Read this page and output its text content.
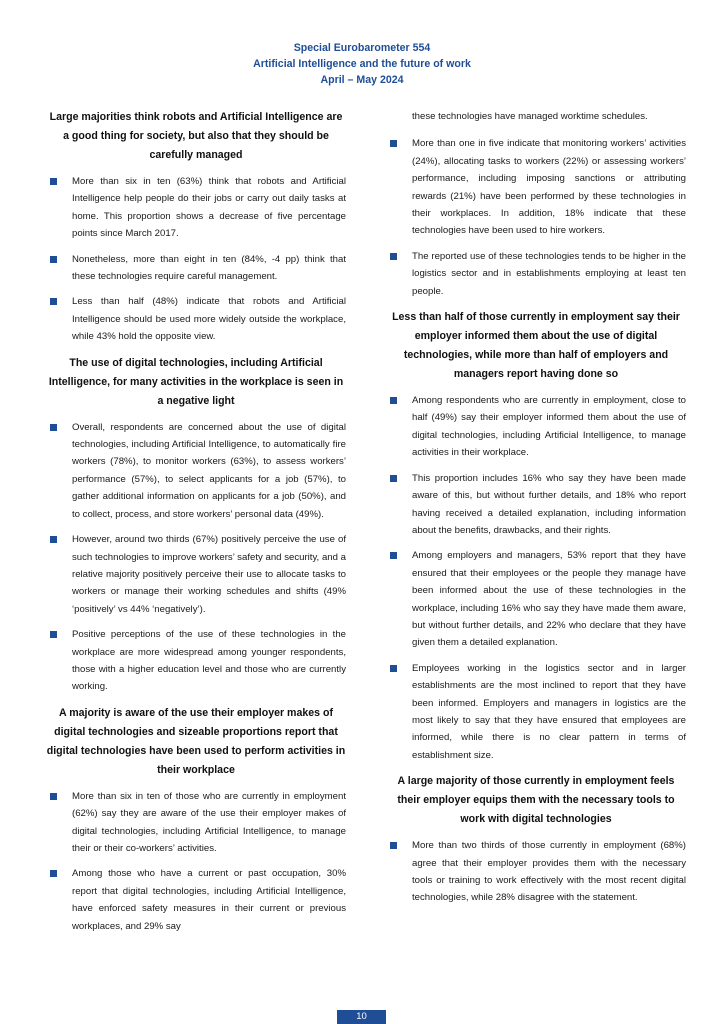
Special Eurobarometer 554
Artificial Intelligence and the future of work
April – May 2024
Large majorities think robots and Artificial Intelligence are a good thing for society, but also that they should be carefully managed
More than six in ten (63%) think that robots and Artificial Intelligence help people do their jobs or carry out daily tasks at home. This proportion shows a decrease of five percentage points since March 2017.
Nonetheless, more than eight in ten (84%, -4 pp) think that these technologies require careful management.
Less than half (48%) indicate that robots and Artificial Intelligence should be used more widely outside the workplace, while 43% hold the opposite view.
The use of digital technologies, including Artificial Intelligence, for many activities in the workplace is seen in a negative light
Overall, respondents are concerned about the use of digital technologies, including Artificial Intelligence, to automatically fire workers (78%), to monitor workers (63%), to assess workers’ performance (57%), to select applicants for a job (57%), to gather additional information on applicants for a job (50%), and to collect, process, and store workers’ personal data (49%).
However, around two thirds (67%) positively perceive the use of such technologies to improve workers’ safety and security, and a relative majority positively perceive their use to allocate tasks to workers or manage their working schedules and shifts (49% ‘positively’ vs 44% ‘negatively’).
Positive perceptions of the use of these technologies in the workplace are more widespread among younger respondents, those with a higher education level and those who are currently working.
A majority is aware of the use their employer makes of digital technologies and sizeable proportions report that digital technologies have been used to perform activities in their workplace
More than six in ten of those who are currently in employment (62%) say they are aware of the use their employer makes of digital technologies, including Artificial Intelligence, to manage their or their co-workers’ activities.
Among those who have a current or past occupation, 30% report that digital technologies, including Artificial Intelligence, have enforced safety measures in their current or previous workplaces, and 29% say
these technologies have managed worktime schedules.
More than one in five indicate that monitoring workers’ activities (24%), allocating tasks to workers (22%) or assessing workers’ performance, including imposing sanctions or attributing rewards (21%) have been performed by these technologies in their workplaces. In addition, 18% indicate that these technologies have been used to hire workers.
The reported use of these technologies tends to be higher in the logistics sector and in establishments employing at least ten people.
Less than half of those currently in employment say their employer informed them about the use of digital technologies, while more than half of employers and managers report having done so
Among respondents who are currently in employment, close to half (49%) say their employer informed them about the use of digital technologies, including Artificial Intelligence, to manage activities in their workplace.
This proportion includes 16% who say they have been made aware of this, but without further details, and 18% who report having received a detailed explanation, including information about the benefits, drawbacks, and their rights.
Among employers and managers, 53% report that they have ensured that their employees or the people they manage have been informed about the use of these technologies in the workplace, including 16% who say they have made them aware, but without further details, and 22% who declare that they have given them a detailed explanation.
Employees working in the logistics sector and in larger establishments are the most inclined to report that they have been informed. Employers and managers in logistics are the most likely to say that they have ensured that employees are informed, while there is no clear pattern in terms of establishment size.
A large majority of those currently in employment feels their employer equips them with the necessary tools to work with digital technologies
More than two thirds of those currently in employment (68%) agree that their employer provides them with the necessary tools or training to work effectively with the most recent digital technologies, while 28% disagree with the statement.
10
